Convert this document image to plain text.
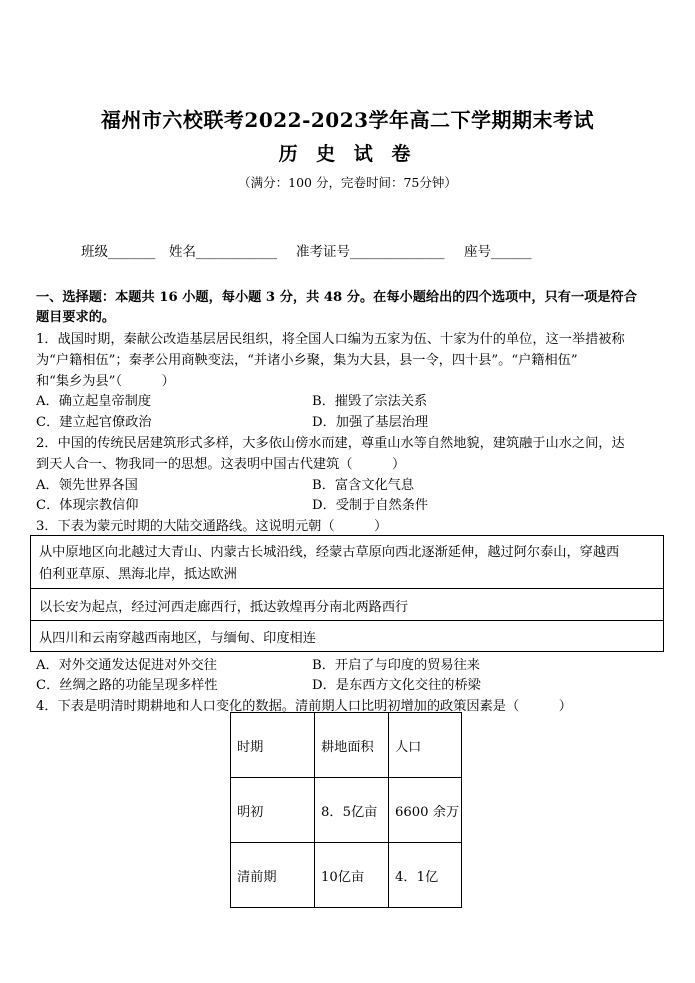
福州市六校联考2022-2023学年高二下学期期末考试
历 史 试 卷
（满分：100 分，完卷时间：75分钟）
班级_______ 姓名____________ 准考证号______________ 座号______
一、选择题：本题共 16 小题，每小题 3 分，共 48 分。在每小题给出的四个选项中，只有一项是符合
题目要求的。
1．战国时期，秦献公改造基层居民组织，将全国人口编为五家为伍、十家为什的单位，这一举措被称
为“户籍相伍”；秦孝公用商鞅变法，“并诸小乡聚，集为大县，县一令，四十县”。“户籍相伍”
和“集乡为县”（　　　）
A．确立起皇帝制度	B．摧毁了宗法关系
C．建立起官僚政治	D．加强了基层治理
2．中国的传统民居建筑形式多样，大多依山傍水而建，尊重山水等自然地貌，建筑融于山水之间，达
到天人合一、物我同一的思想。这表明中国古代建筑（　　　）
A．领先世界各国	B．富含文化气息
C．体现宗教信仰	D．受制于自然条件
3．下表为蒙元时期的大陆交通路线。这说明元朝（　　　）
从中原地区向北越过大青山、内蒙古长城沿线，经蒙古草原向西北逐渐延伸，越过阿尔泰山，穿越西
伯利亚草原、黑海北岸，抵达欧洲
以长安为起点，经过河西走廊西行，抵达敦煌再分南北两路西行
从四川和云南穿越西南地区，与缅甸、印度相连
A．对外交通发达促进对外交往	B．开启了与印度的贸易往来
C．丝绸之路的功能呈现多样性	D．是东西方文化交往的桥梁
4．下表是明清时期耕地和人口变化的数据。清前期人口比明初增加的政策因素是（　　　）
时期	耕地面积	人口
明初	8．5亿亩	6600 余万
清前期	10亿亩	4．1亿
